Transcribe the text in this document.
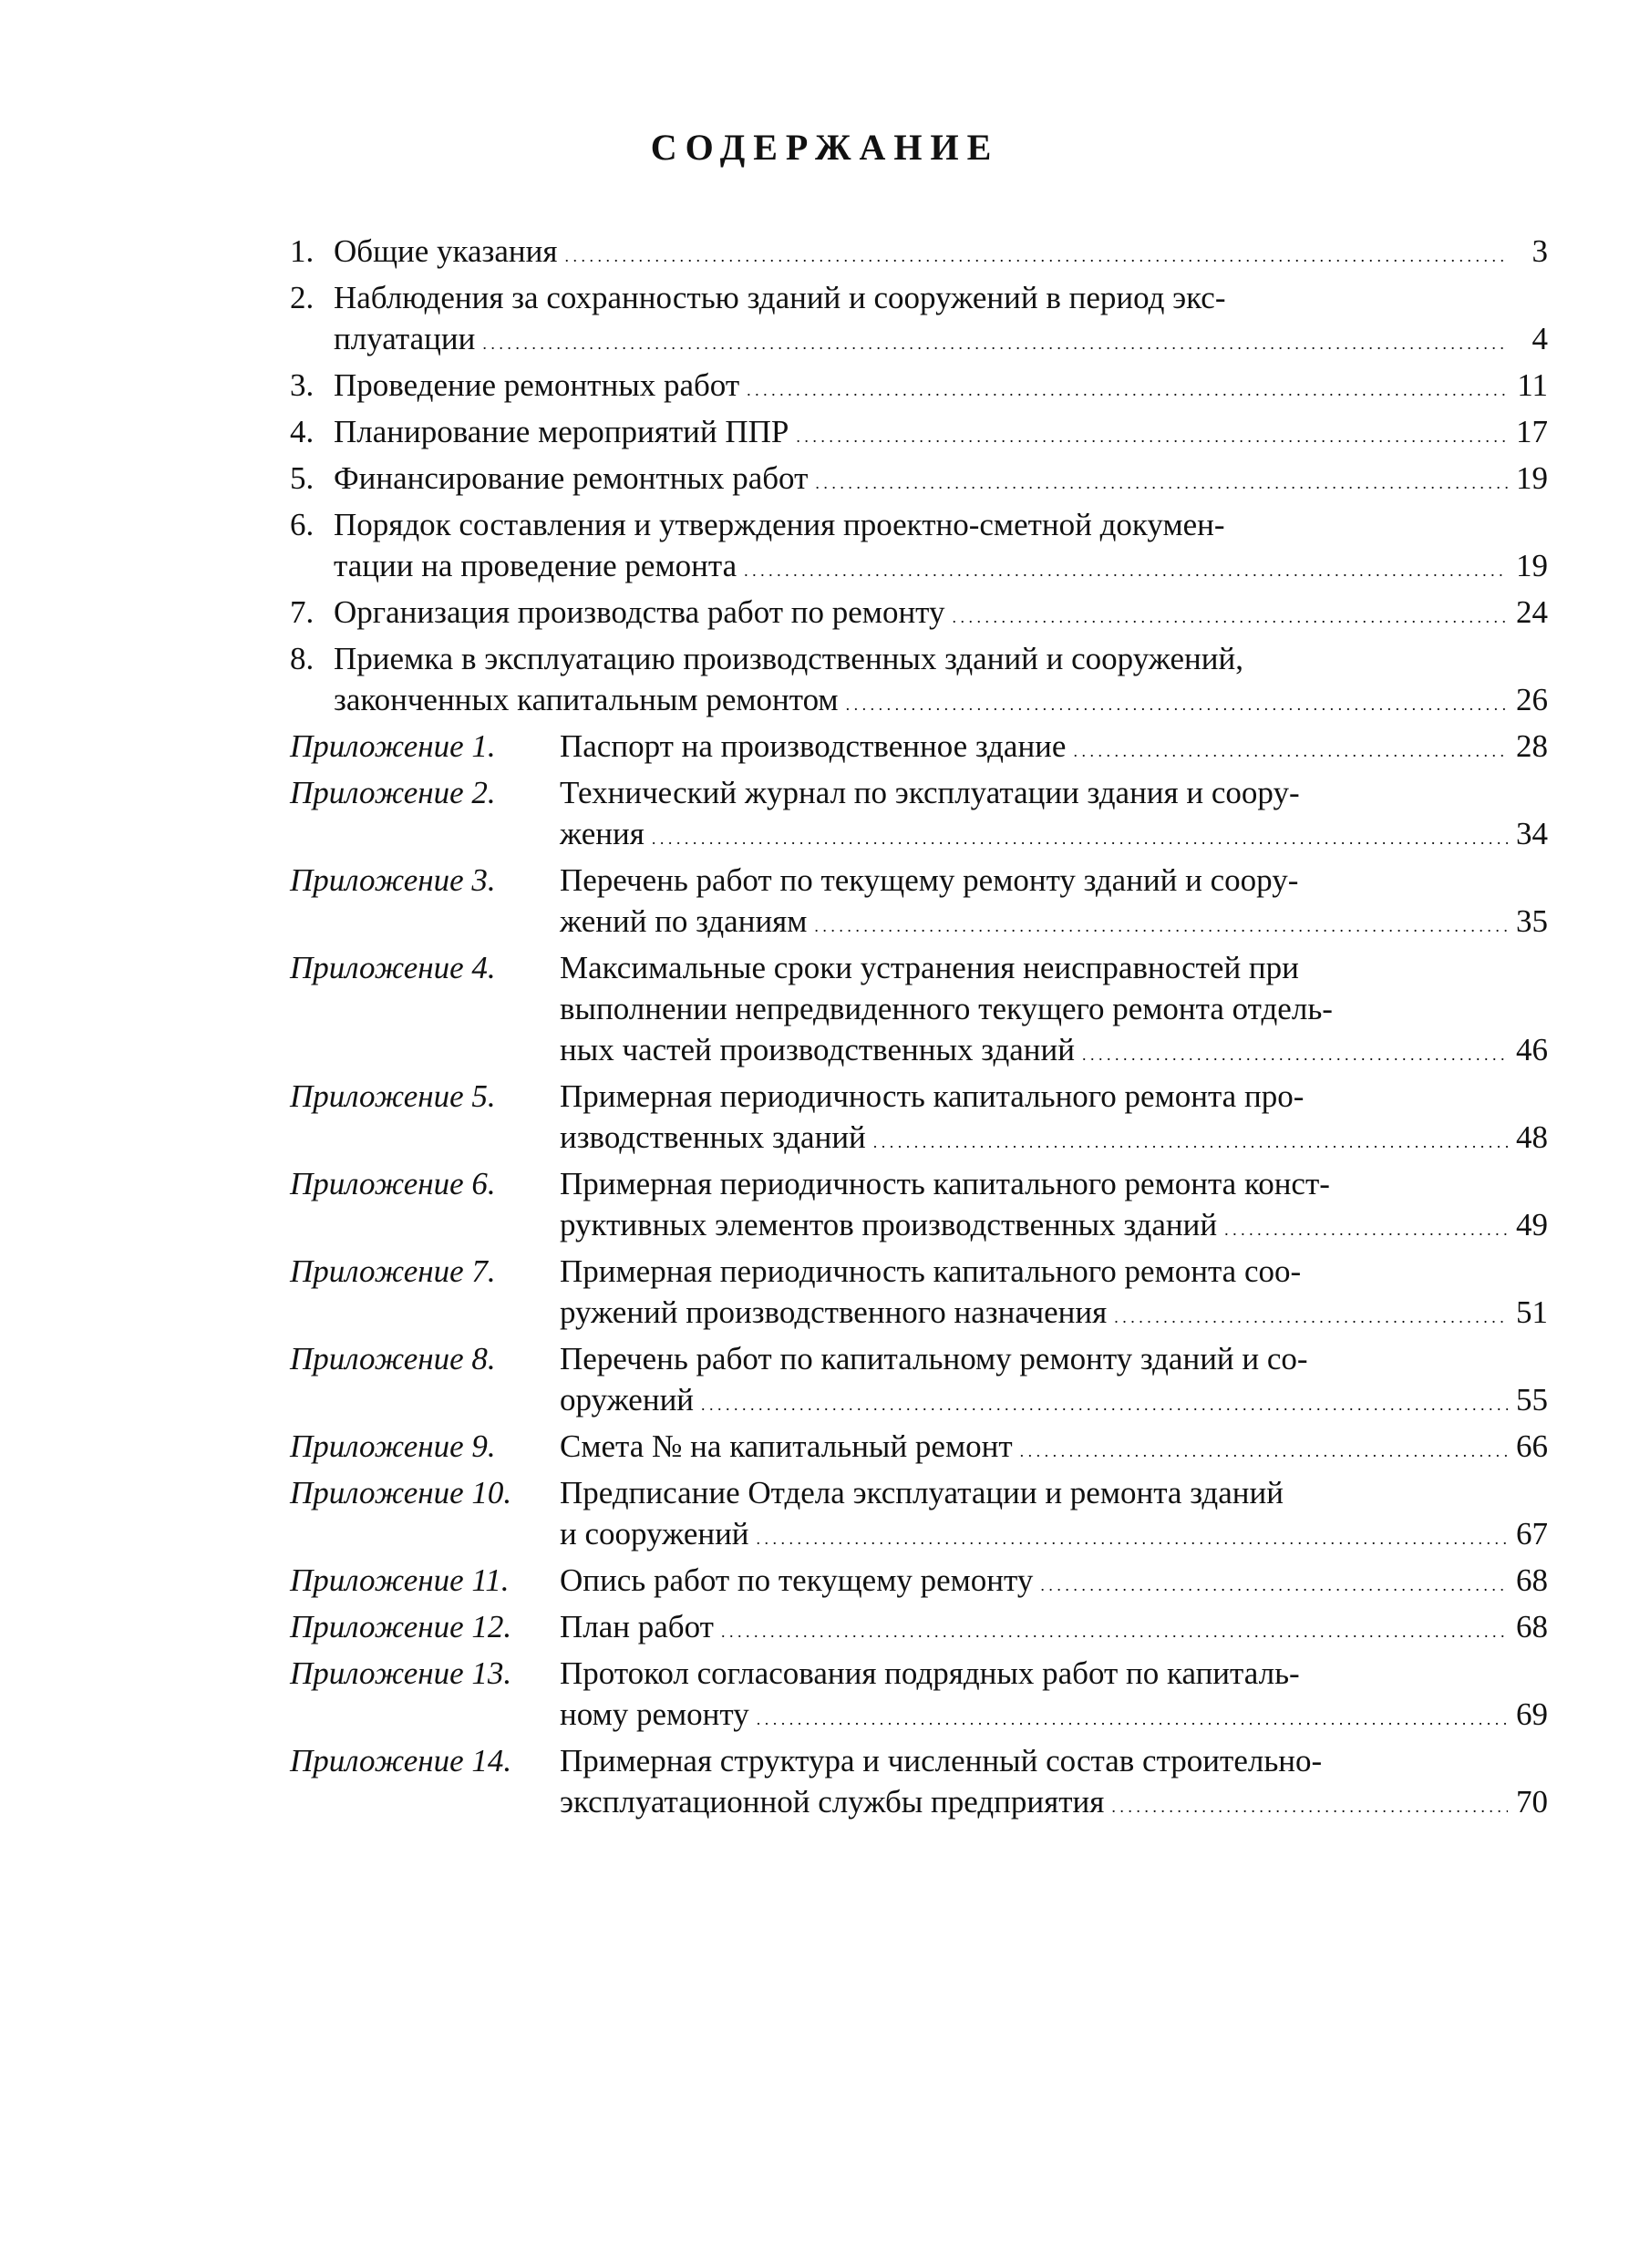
СОДЕРЖАНИЕ
1. Общие указания . . .	3
2. Наблюдения за сохранностью зданий и сооружений в период экс-
плуатации . . .	4
3. Проведение ремонтных работ . . .	11
4. Планирование мероприятий ППР . . .	17
5. Финансирование ремонтных работ . . .	19
6. Порядок составления и утверждения проектно-сметной докумен-
тации на проведение ремонта . . .	19
7. Организация производства работ по ремонту . . .	24
8. Приемка в эксплуатацию производственных зданий и сооружений,
законченных капитальным ремонтом . . .	26
Приложение 1.	Паспорт на производственное здание . . .	28
Приложение 2.	Технический журнал по эксплуатации здания и соору-
жения . . .	34
Приложение 3.	Перечень работ по текущему ремонту зданий и соору-
жений по зданиям . . .	35
Приложение 4.	Максимальные сроки устранения неисправностей при
выполнении непредвиденного текущего ремонта отдель-
ных частей производственных зданий . . .	46
Приложение 5.	Примерная периодичность капитального ремонта про-
изводственных зданий . . .	48
Приложение 6.	Примерная периодичность капитального ремонта конст-
руктивных элементов производственных зданий . . .	49
Приложение 7.	Примерная периодичность капитального ремонта соо-
ружений производственного назначения . . .	51
Приложение 8.	Перечень работ по капитальному ремонту зданий и со-
оружений . . .	55
Приложение 9.	Смета № на капитальный ремонт . . .	66
Приложение 10.	Предписание Отдела эксплуатации и ремонта зданий
и сооружений . . .	67
Приложение 11.	Опись работ по текущему ремонту . . .	68
Приложение 12.	План работ . . .	68
Приложение 13.	Протокол согласования подрядных работ по капиталь-
ному ремонту . . .	69
Приложение 14.	Примерная структура и численный состав строительно-
эксплуатационной службы предприятия . . .	70
